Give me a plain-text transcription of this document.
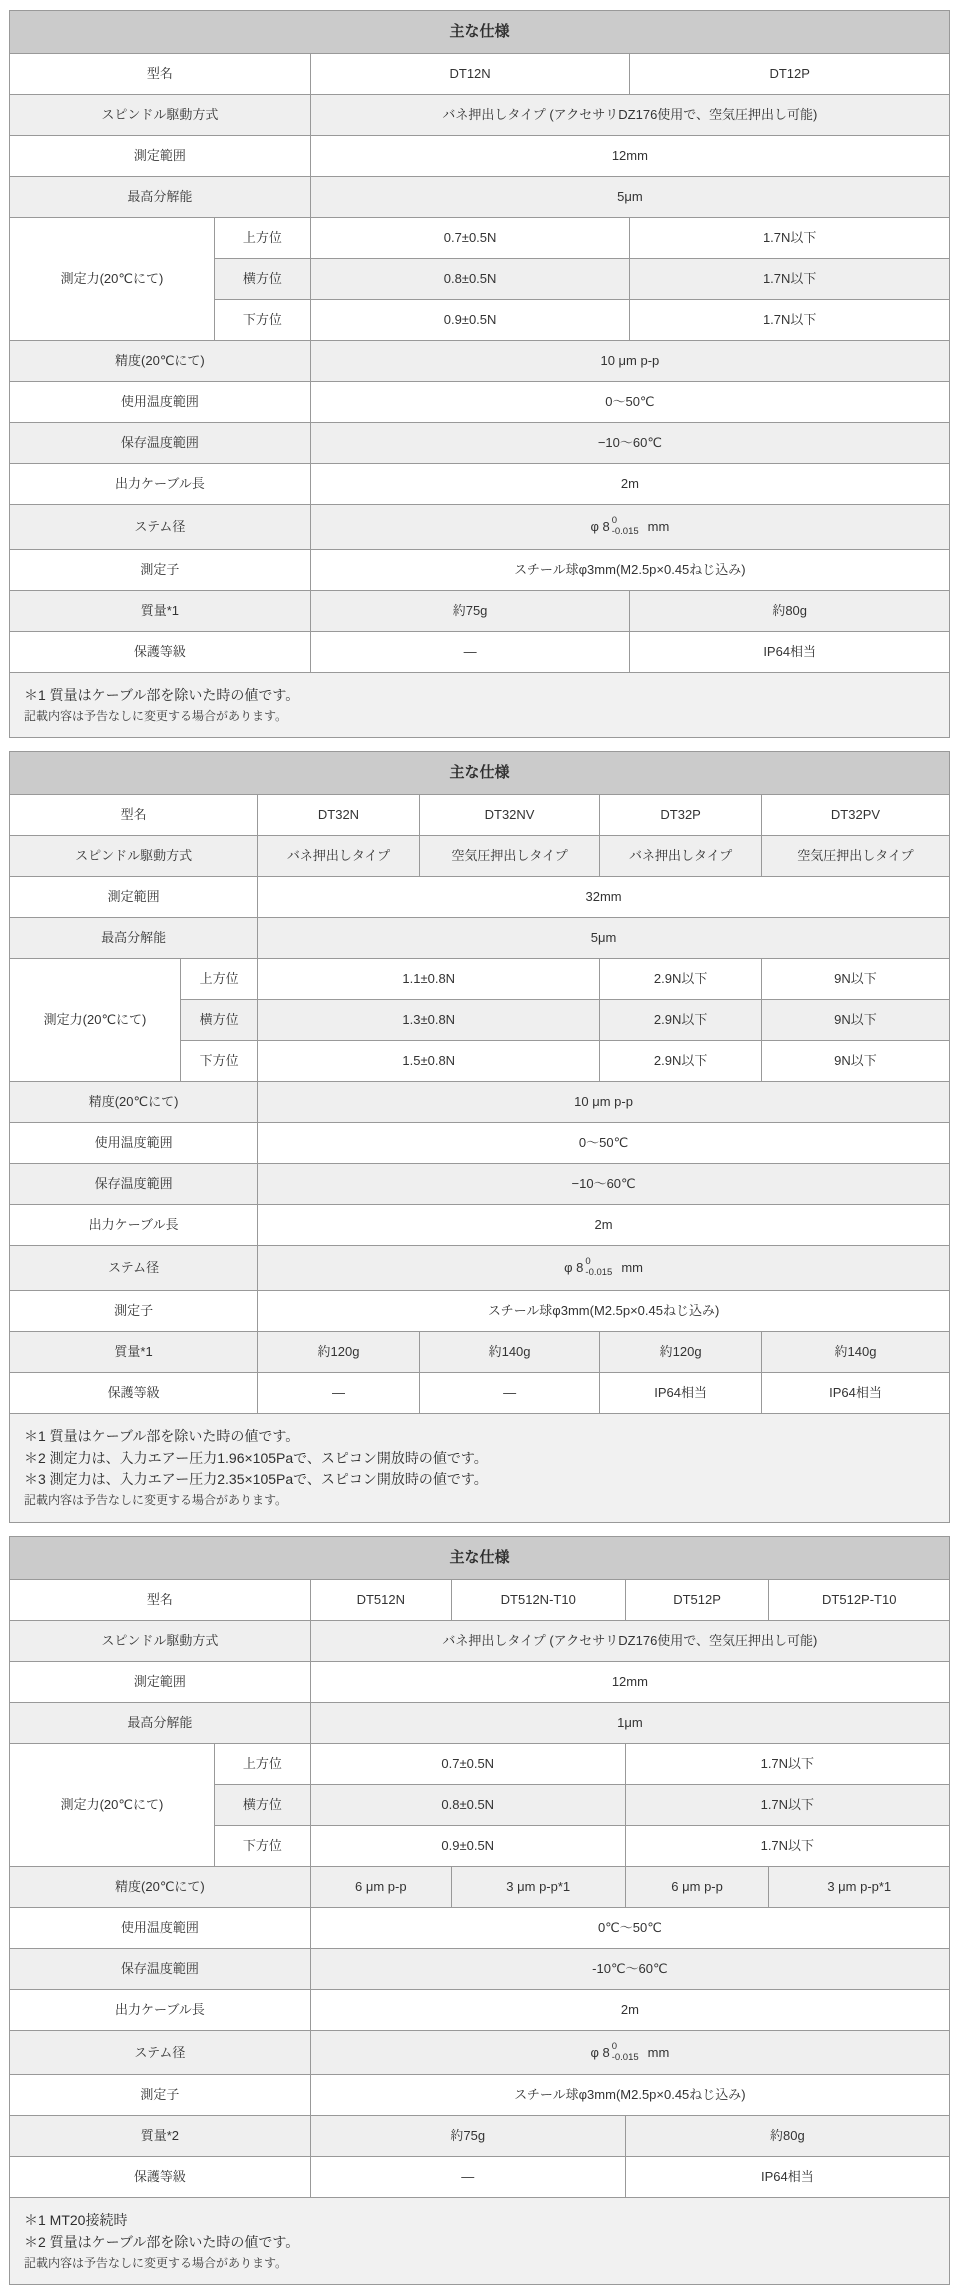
主な仕様			
型名		DT12N	DT12P
スピンドル駆動方式		バネ押出しタイプ (アクセサリDZ176使用で、空気圧押出し可能)	
測定範囲		12mm	
最高分解能		5μm	
測定力(20℃にて)	上方位	0.7±0.5N	1.7N以下
	横方位	0.8±0.5N	1.7N以下
	下方位	0.9±0.5N	1.7N以下
精度(20℃にて)		10 μm p-p	
使用温度範囲		0〜50℃	
保存温度範囲		−10〜60℃	
出力ケーブル長		2m	
ステム径		φ 8 0
-0.015 mm	

測定子		スチール球φ3mm(M2.5p×0.45ねじ込み)	
質量*1		約75g	約80g
保護等級		―	IP64相当

＊1 質量はケーブル部を除いた時の値です。
記載内容は予告なしに変更する場合があります。			
主な仕様					
型名		DT32N	DT32NV	DT32P	DT32PV
スピンドル駆動方式		バネ押出しタイプ	空気圧押出しタイプ	バネ押出しタイプ	空気圧押出しタイプ
測定範囲		32mm			
最高分解能		5μm			
測定力(20℃にて)	上方位	1.1±0.8N		2.9N以下	9N以下
	横方位	1.3±0.8N		2.9N以下	9N以下
	下方位	1.5±0.8N		2.9N以下	9N以下
精度(20℃にて)		10 μm p-p			
使用温度範囲		0〜50℃			
保存温度範囲		−10〜60℃			
出力ケーブル長		2m			
ステム径		φ 8 0
-0.015 mm			

測定子		スチール球φ3mm(M2.5p×0.45ねじ込み)			
質量*1		約120g	約140g	約120g	約140g
保護等級		―	―	IP64相当	IP64相当

＊1 質量はケーブル部を除いた時の値です。
＊2 測定力は、入力エアー圧力1.96×105Paで、スピコン開放時の値です。
＊3 測定力は、入力エアー圧力2.35×105Paで、スピコン開放時の値です。
記載内容は予告なしに変更する場合があります。					
主な仕様					
型名		DT512N	DT512N-T10	DT512P	DT512P-T10
スピンドル駆動方式		バネ押出しタイプ (アクセサリDZ176使用で、空気圧押出し可能)			
測定範囲		12mm			
最高分解能		1μm			
測定力(20℃にて)	上方位	0.7±0.5N		1.7N以下	
	横方位	0.8±0.5N		1.7N以下	
	下方位	0.9±0.5N		1.7N以下	
精度(20℃にて)		6 μm p-p	3 μm p-p*1	6 μm p-p	3 μm p-p*1
使用温度範囲		0℃〜50℃			
保存温度範囲		-10℃〜60℃			
出力ケーブル長		2m			
ステム径		φ 8 0
-0.015 mm			

測定子		スチール球φ3mm(M2.5p×0.45ねじ込み)			
質量*2		約75g		約80g	
保護等級		―		IP64相当	

＊1 MT20接続時
＊2 質量はケーブル部を除いた時の値です。
記載内容は予告なしに変更する場合があります。					
